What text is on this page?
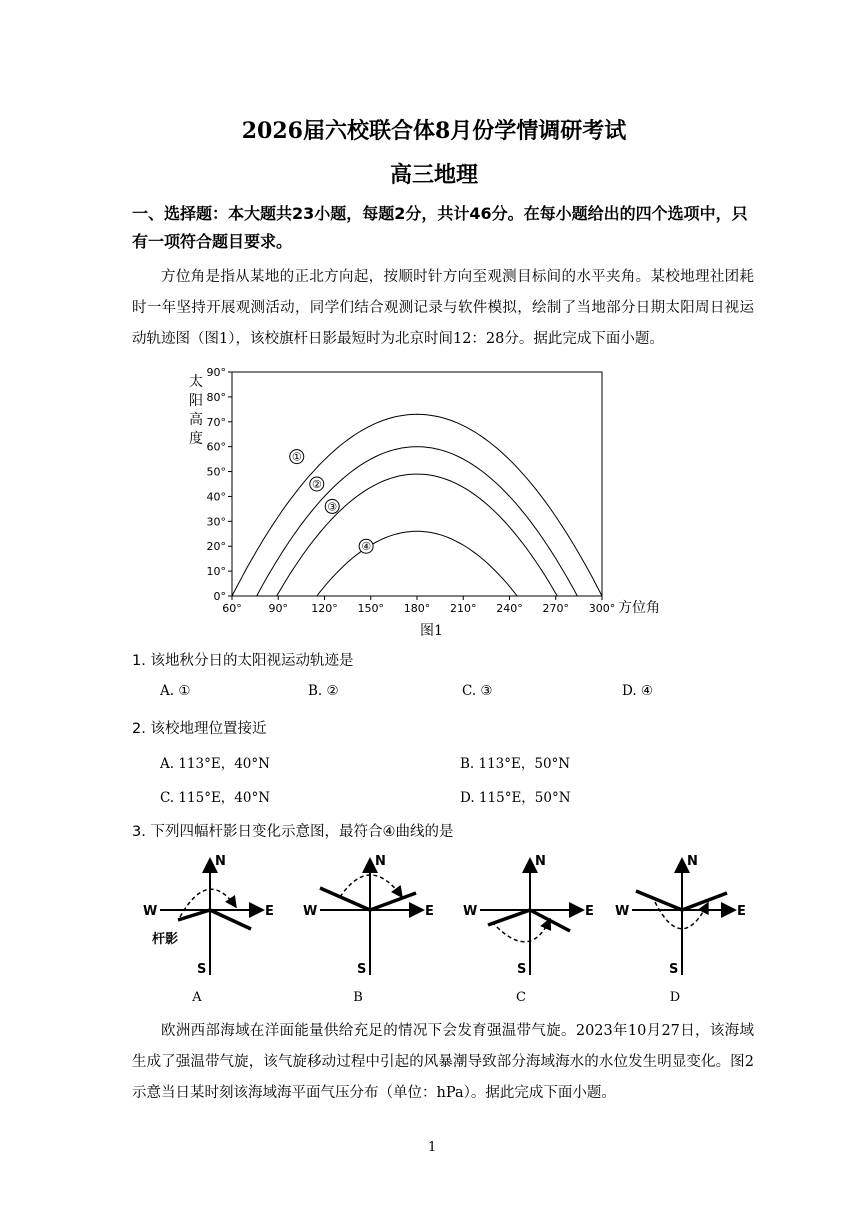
2026届六校联合体8月份学情调研考试
高三地理
一、选择题：本大题共23小题，每题2分，共计46分。在每小题给出的四个选项中，只有一项符合题目要求。
方位角是指从某地的正北方向起，按顺时针方向至观测目标间的水平夹角。某校地理社团耗时一年坚持开展观测活动，同学们结合观测记录与软件模拟，绘制了当地部分日期太阳周日视运动轨迹图（图1），该校旗杆日影最短时为北京时间12：28分。据此完成下面小题。
60° 90° 120° 150° 180° 210° 240° 270° 300°
0°
10°
20°
30°
40°
50°
60°
70°
80°
90°
太
阳
高
度
方位角
①
②
③
④
图1
1. 该地秋分日的太阳视运动轨迹是
A. ①	B. ②	C. ③	D. ④
2. 该校地理位置接近
A. 113°E，40°N	B. 113°E，50°N
C. 115°E，40°N	D. 115°E，50°N
3. 下列四幅杆影日变化示意图，最符合④曲线的是
N
W	E
S
杆影
N
W	E
S
N
W	E
S
N
W	E
S
A	B	C	D
欧洲西部海域在洋面能量供给充足的情况下会发育强温带气旋。2023年10月27日，该海域生成了强温带气旋，该气旋移动过程中引起的风暴潮导致部分海域海水的水位发生明显变化。图2示意当日某时刻该海域海平面气压分布（单位：hPa）。据此完成下面小题。
1
